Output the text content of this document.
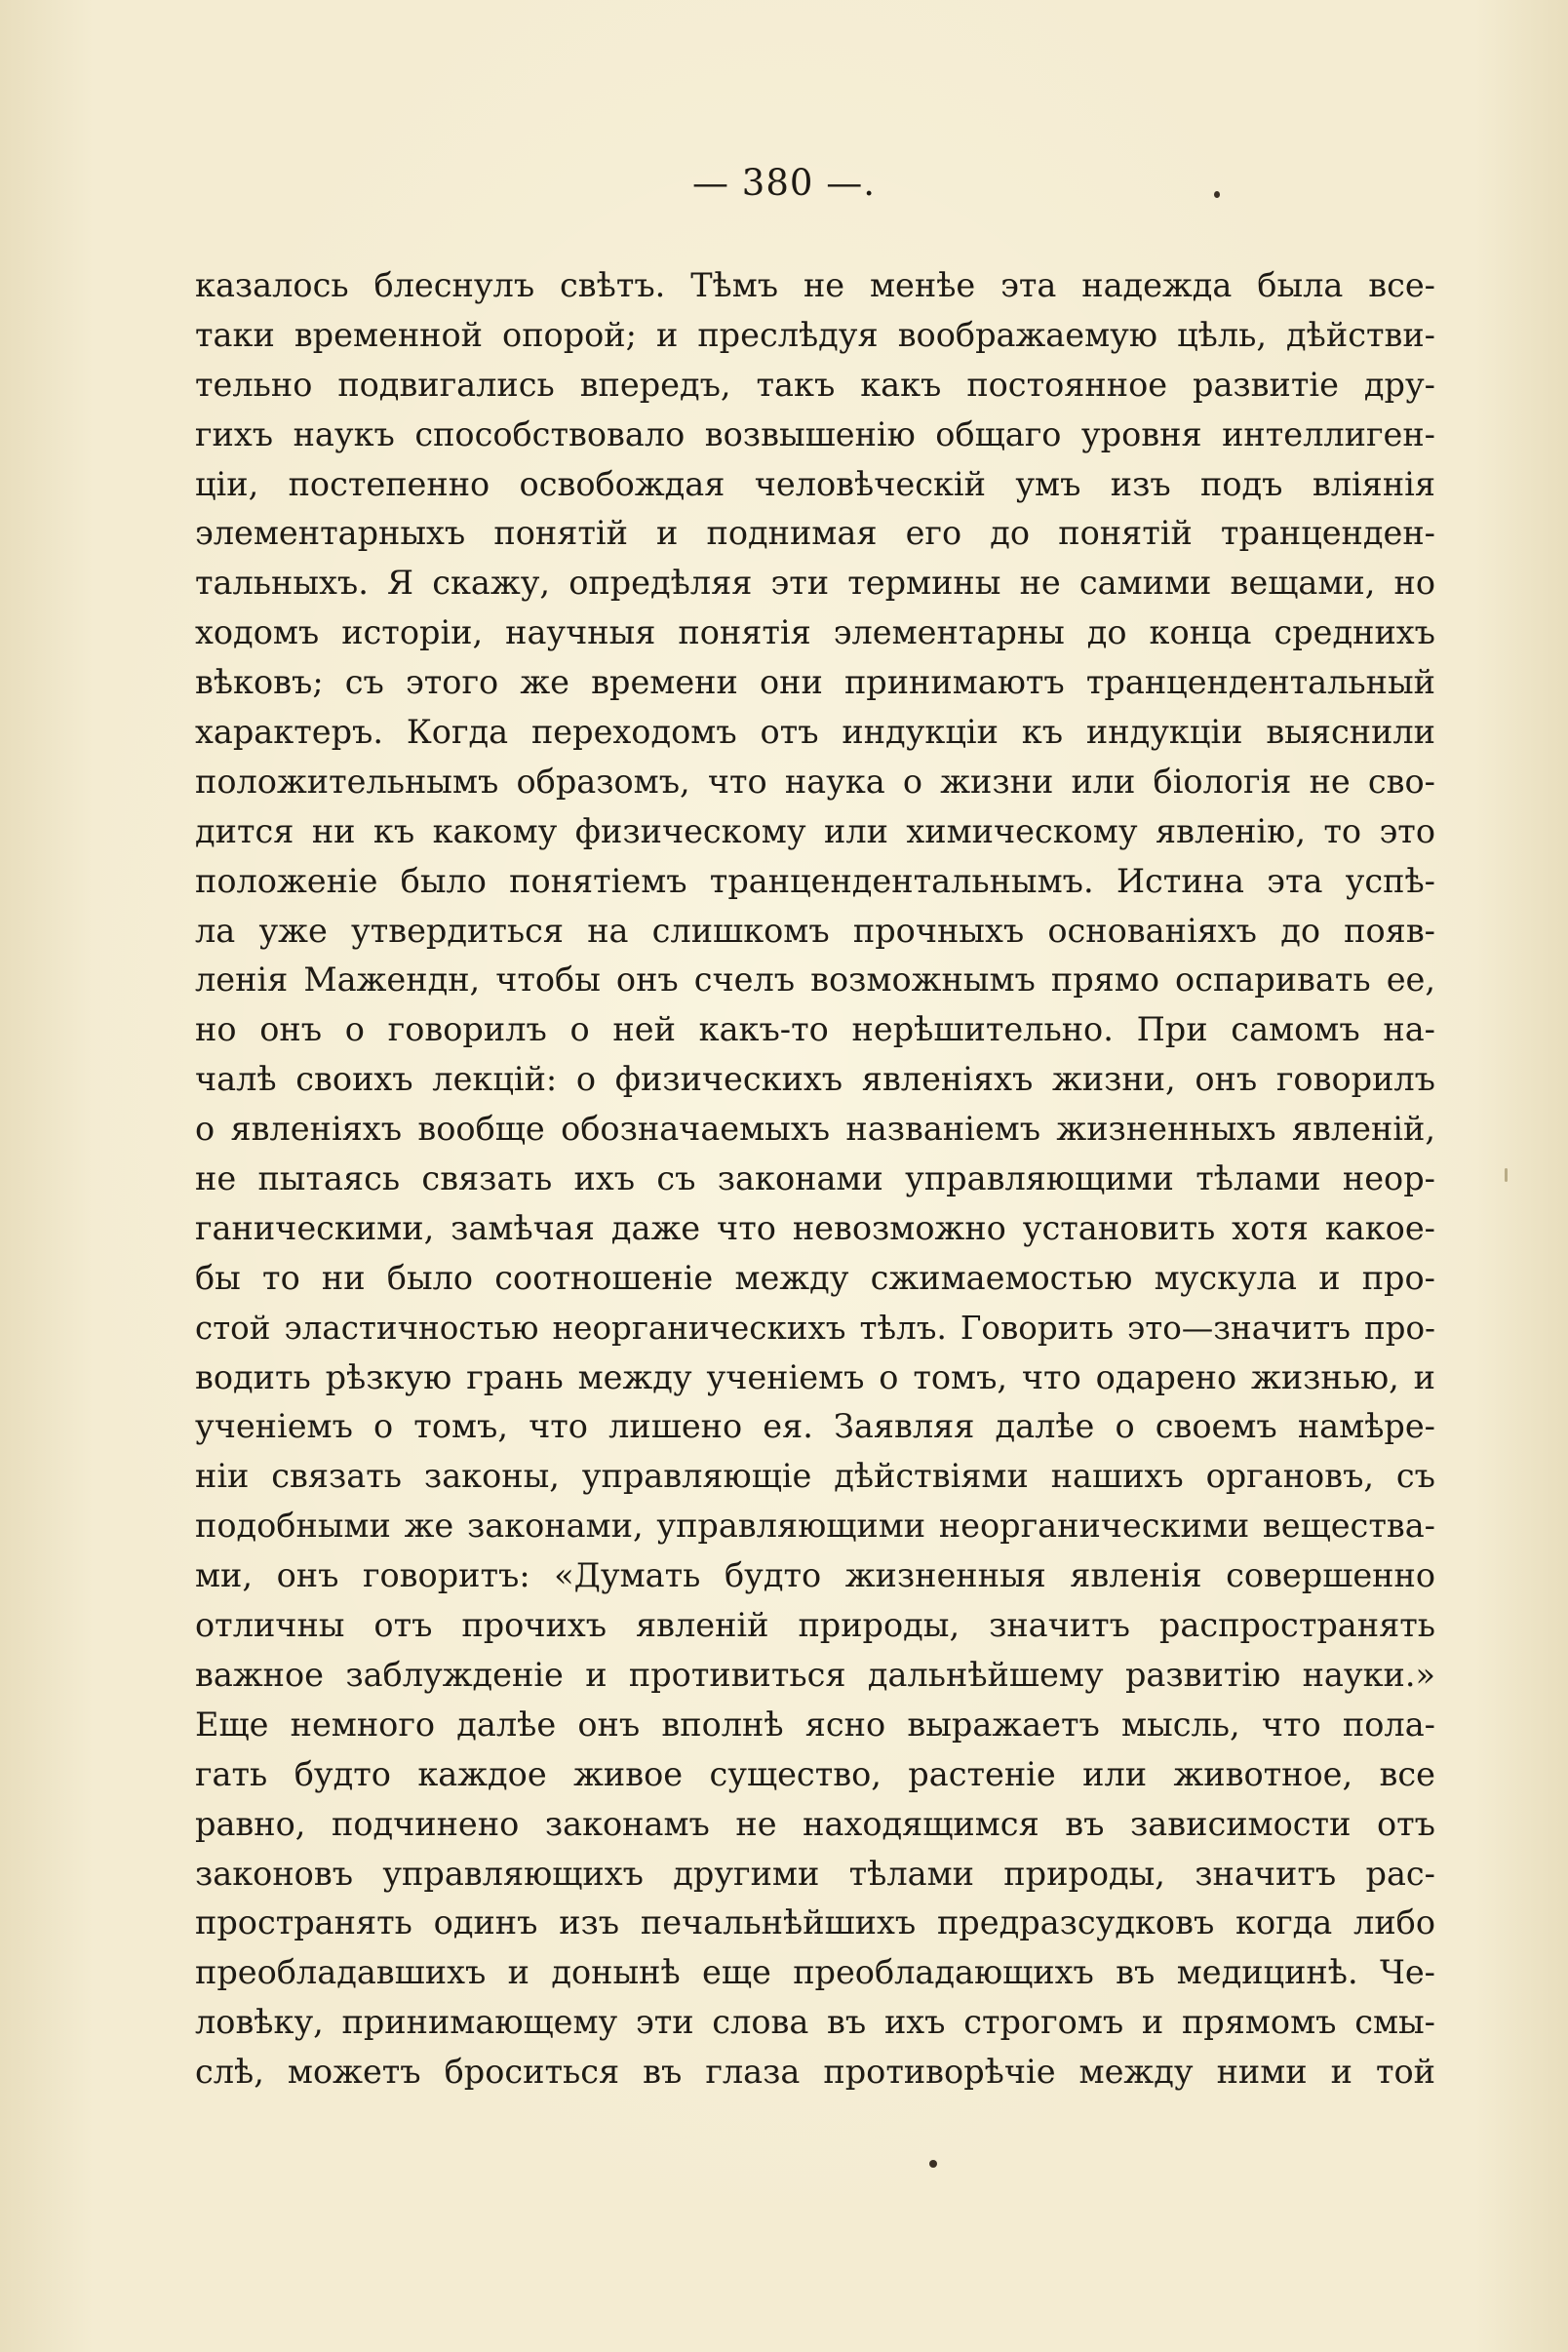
— 380 —.
казалось блеснулъ свѣтъ. Тѣмъ не менѣе эта надежда была все-
таки временной опорой; и преслѣдуя воображаемую цѣль, дѣйстви-
тельно подвигались впередъ, такъ какъ постоянное развитіе дру-
гихъ наукъ способствовало возвышенію общаго уровня интеллиген-
ціи, постепенно освобождая человѣческій умъ изъ подъ вліянія
элементарныхъ понятій и поднимая его до понятій транценден-
тальныхъ. Я скажу, опредѣляя эти термины не самими вещами, но
ходомъ исторіи, научныя понятія элементарны до конца среднихъ
вѣковъ; съ этого же времени они принимаютъ транцендентальный
характеръ. Когда переходомъ отъ индукціи къ индукціи выяснили
положительнымъ образомъ, что наука о жизни или біологія не сво-
дится ни къ какому физическому или химическому явленію, то это
положеніе было понятіемъ транцендентальнымъ. Истина эта успѣ-
ла уже утвердиться на слишкомъ прочныхъ основаніяхъ до появ-
ленія Мажендн, чтобы онъ счелъ возможнымъ прямо оспаривать ее,
но онъ о говорилъ о ней какъ-то нерѣшительно. При самомъ на-
чалѣ своихъ лекцій: о физическихъ явленіяхъ жизни, онъ говорилъ
о явленіяхъ вообще обозначаемыхъ названіемъ жизненныхъ явленій,
не пытаясь связать ихъ съ законами управляющими тѣлами неор-
ганическими, замѣчая даже что невозможно установить хотя какое-
бы то ни было соотношеніе между сжимаемостью мускула и про-
стой эластичностью неорганическихъ тѣлъ. Говорить это—значитъ про-
водить рѣзкую грань между ученіемъ о томъ, что одарено жизнью, и
ученіемъ о томъ, что лишено ея. Заявляя далѣе о своемъ намѣре-
ніи связать законы, управляющіе дѣйствіями нашихъ органовъ, съ
подобными же законами, управляющими неорганическими вещества-
ми, онъ говоритъ: «Думать будто жизненныя явленія совершенно
отличны отъ прочихъ явленій природы, значитъ распространять
важное заблужденіе и противиться дальнѣйшему развитію науки.»
Еще немного далѣе онъ вполнѣ ясно выражаетъ мысль, что пола-
гать будто каждое живое существо, растеніе или животное, все
равно, подчинено законамъ не находящимся въ зависимости отъ
законовъ управляющихъ другими тѣлами природы, значитъ рас-
пространять одинъ изъ печальнѣйшихъ предразсудковъ когда либо
преобладавшихъ и донынѣ еще преобладающихъ въ медицинѣ. Че-
ловѣку, принимающему эти слова въ ихъ строгомъ и прямомъ смы-
слѣ, можетъ броситься въ глаза противорѣчіе между ними и той
